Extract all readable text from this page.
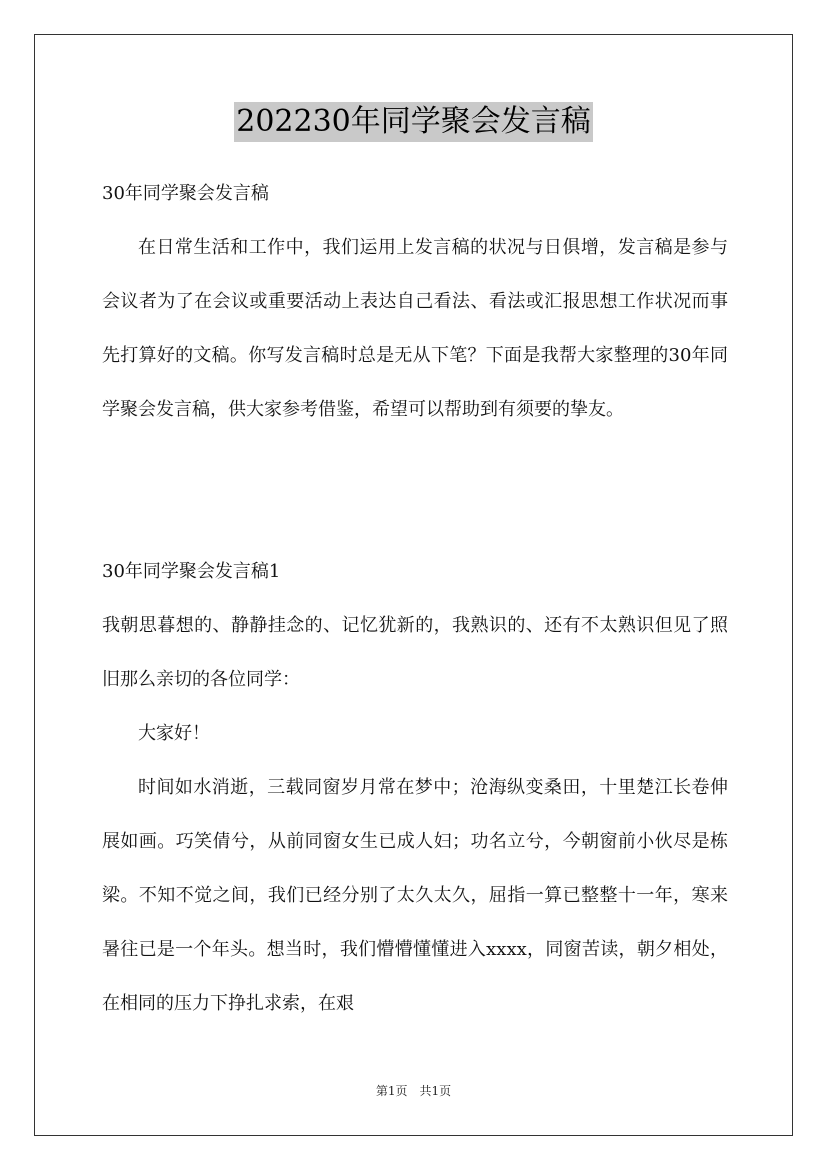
202230年同学聚会发言稿

30年同学聚会发言稿

在日常生活和工作中，我们运用上发言稿的状况与日俱增，发言稿是参与会议者为了在会议或重要活动上表达自己看法、看法或汇报思想工作状况而事先打算好的文稿。你写发言稿时总是无从下笔？下面是我帮大家整理的30年同学聚会发言稿，供大家参考借鉴，希望可以帮助到有须要的挚友。

30年同学聚会发言稿1

我朝思暮想的、静静挂念的、记忆犹新的，我熟识的、还有不太熟识但见了照旧那么亲切的各位同学：

大家好！

时间如水消逝，三载同窗岁月常在梦中；沧海纵变桑田，十里楚江长卷伸展如画。巧笑倩兮，从前同窗女生已成人妇；功名立兮，今朝窗前小伙尽是栋梁。不知不觉之间，我们已经分别了太久太久，屈指一算已整整十一年，寒来暑往已是一个年头。想当时，我们懵懵懂懂进入xxxx，同窗苦读，朝夕相处，在相同的压力下挣扎求索，在艰

第1页 共1页
